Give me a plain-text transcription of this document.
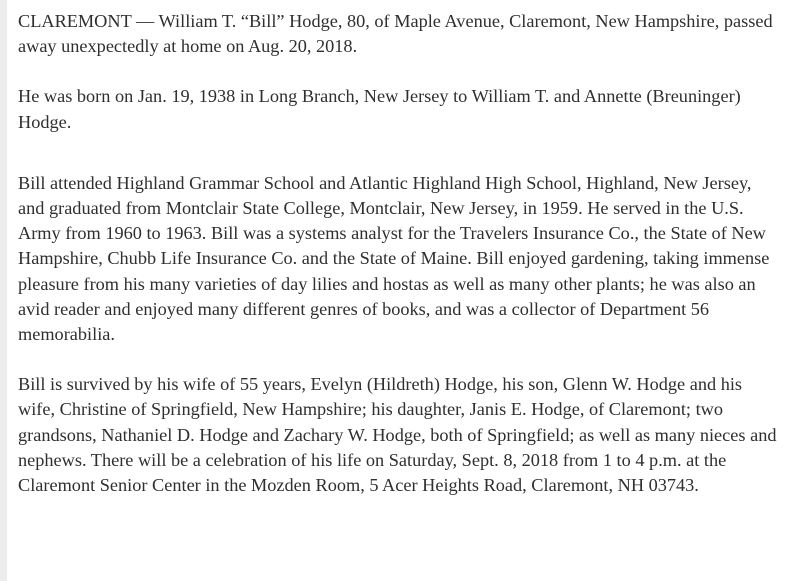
CLAREMONT — William T. “Bill” Hodge, 80, of Maple Avenue, Claremont, New Hampshire, passed away unexpectedly at home on Aug. 20, 2018.

He was born on Jan. 19, 1938 in Long Branch, New Jersey to William T. and Annette (Breuninger) Hodge.

Bill attended Highland Grammar School and Atlantic Highland High School, Highland, New Jersey, and graduated from Montclair State College, Montclair, New Jersey, in 1959. He served in the U.S. Army from 1960 to 1963. Bill was a systems analyst for the Travelers Insurance Co., the State of New Hampshire, Chubb Life Insurance Co. and the State of Maine. Bill enjoyed gardening, taking immense pleasure from his many varieties of day lilies and hostas as well as many other plants; he was also an avid reader and enjoyed many different genres of books, and was a collector of Department 56 memorabilia.

Bill is survived by his wife of 55 years, Evelyn (Hildreth) Hodge, his son, Glenn W. Hodge and his wife, Christine of Springfield, New Hampshire; his daughter, Janis E. Hodge, of Claremont; two grandsons, Nathaniel D. Hodge and Zachary W. Hodge, both of Springfield; as well as many nieces and nephews. There will be a celebration of his life on Saturday, Sept. 8, 2018 from 1 to 4 p.m. at the Claremont Senior Center in the Mozden Room, 5 Acer Heights Road, Claremont, NH 03743.
